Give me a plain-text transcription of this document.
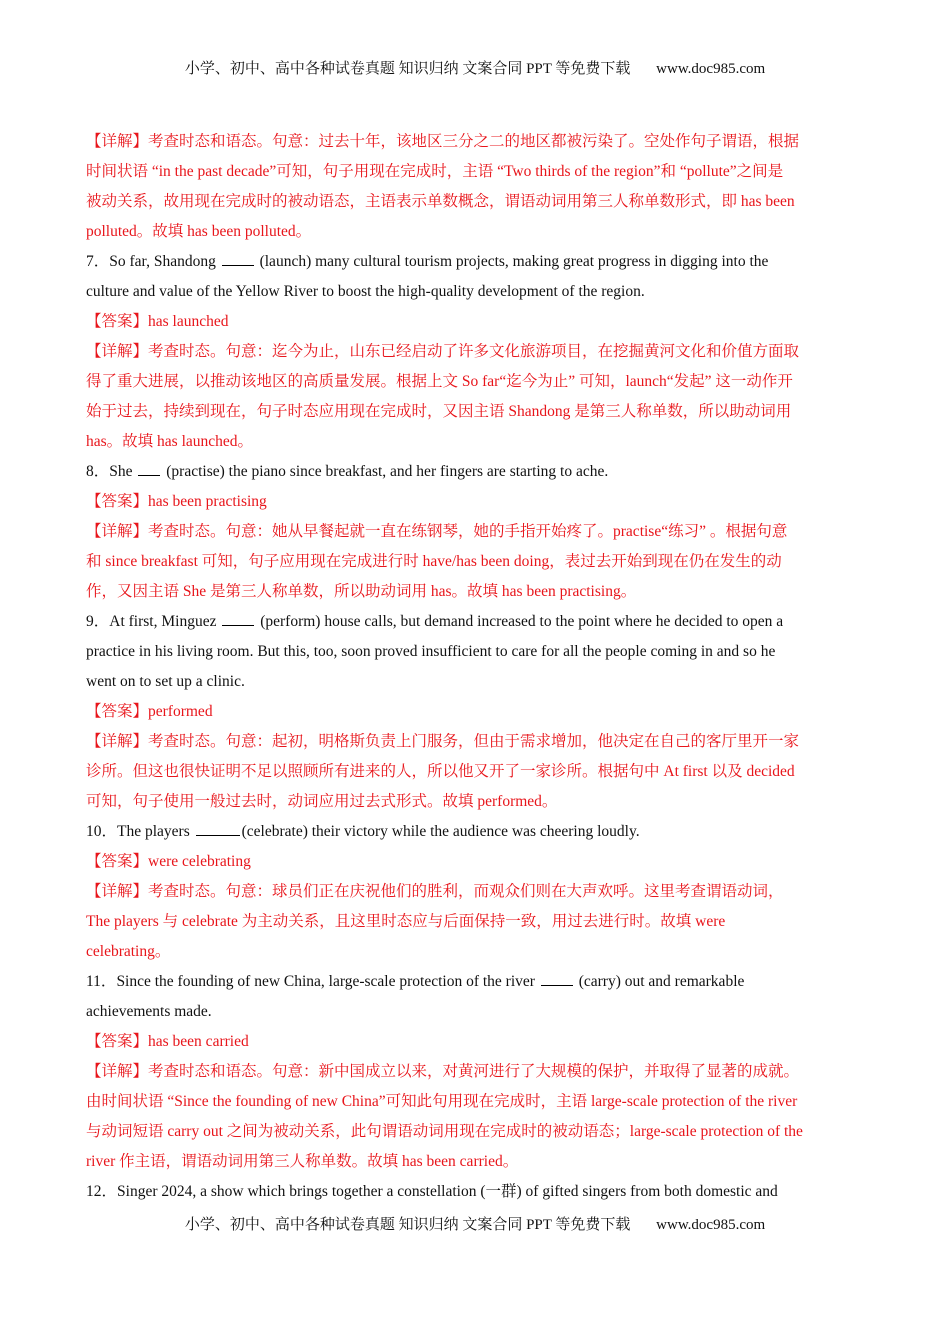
小学、初中、高中各种试卷真题 知识归纳 文案合同 PPT 等免费下载 www.doc985.com
【详解】考查时态和语态。句意：过去十年，该地区三分之二的地区都被污染了。空处作句子谓语，根据
时间状语 “in the past decade”可知，句子用现在完成时，主语 “Two thirds of the region”和 “pollute”之间是
被动关系，故用现在完成时的被动语态，主语表示单数概念，谓语动词用第三人称单数形式，即 has been
polluted。故填 has been polluted。
7．So far, Shandong  (launch) many cultural tourism projects, making great progress in digging into the
culture and value of the Yellow River to boost the high-quality development of the region.
【答案】has launched
【详解】考查时态。句意：迄今为止，山东已经启动了许多文化旅游项目，在挖掘黄河文化和价值方面取
得了重大进展，以推动该地区的高质量发展。根据上文 So far“迄今为止” 可知，launch“发起” 这一动作开
始于过去，持续到现在，句子时态应用现在完成时，又因主语 Shandong 是第三人称单数，所以助动词用
has。故填 has launched。
8．She  (practise) the piano since breakfast, and her fingers are starting to ache.
【答案】has been practising
【详解】考查时态。句意：她从早餐起就一直在练钢琴，她的手指开始疼了。practise“练习” 。根据句意
和 since breakfast 可知，句子应用现在完成进行时 have/has been doing，表过去开始到现在仍在发生的动
作，又因主语 She 是第三人称单数，所以助动词用 has。故填 has been practising。
9．At first, Minguez  (perform) house calls, but demand increased to the point where he decided to open a
practice in his living room. But this, too, soon proved insufficient to care for all the people coming in and so he
went on to set up a clinic.
【答案】performed
【详解】考查时态。句意：起初，明格斯负责上门服务，但由于需求增加，他决定在自己的客厅里开一家
诊所。但这也很快证明不足以照顾所有进来的人，所以他又开了一家诊所。根据句中 At first 以及 decided
可知，句子使用一般过去时，动词应用过去式形式。故填 performed。
10．The players	(celebrate) their victory while the audience was cheering loudly.
【答案】were celebrating
【详解】考查时态。句意：球员们正在庆祝他们的胜利，而观众们则在大声欢呼。这里考查谓语动词，
The players 与 celebrate 为主动关系，且这里时态应与后面保持一致，用过去进行时。故填 were
celebrating。
11．Since the founding of new China, large-scale protection of the river  (carry) out and remarkable
achievements made.
【答案】has been carried
【详解】考查时态和语态。句意：新中国成立以来，对黄河进行了大规模的保护，并取得了显著的成就。
由时间状语 “Since the founding of new China”可知此句用现在完成时，主语 large-scale protection of the river
与动词短语 carry out 之间为被动关系，此句谓语动词用现在完成时的被动语态；large-scale protection of the
river 作主语，谓语动词用第三人称单数。故填 has been carried。
12．Singer 2024, a show which brings together a constellation (一群) of gifted singers from both domestic and
小学、初中、高中各种试卷真题 知识归纳 文案合同 PPT 等免费下载 www.doc985.com
